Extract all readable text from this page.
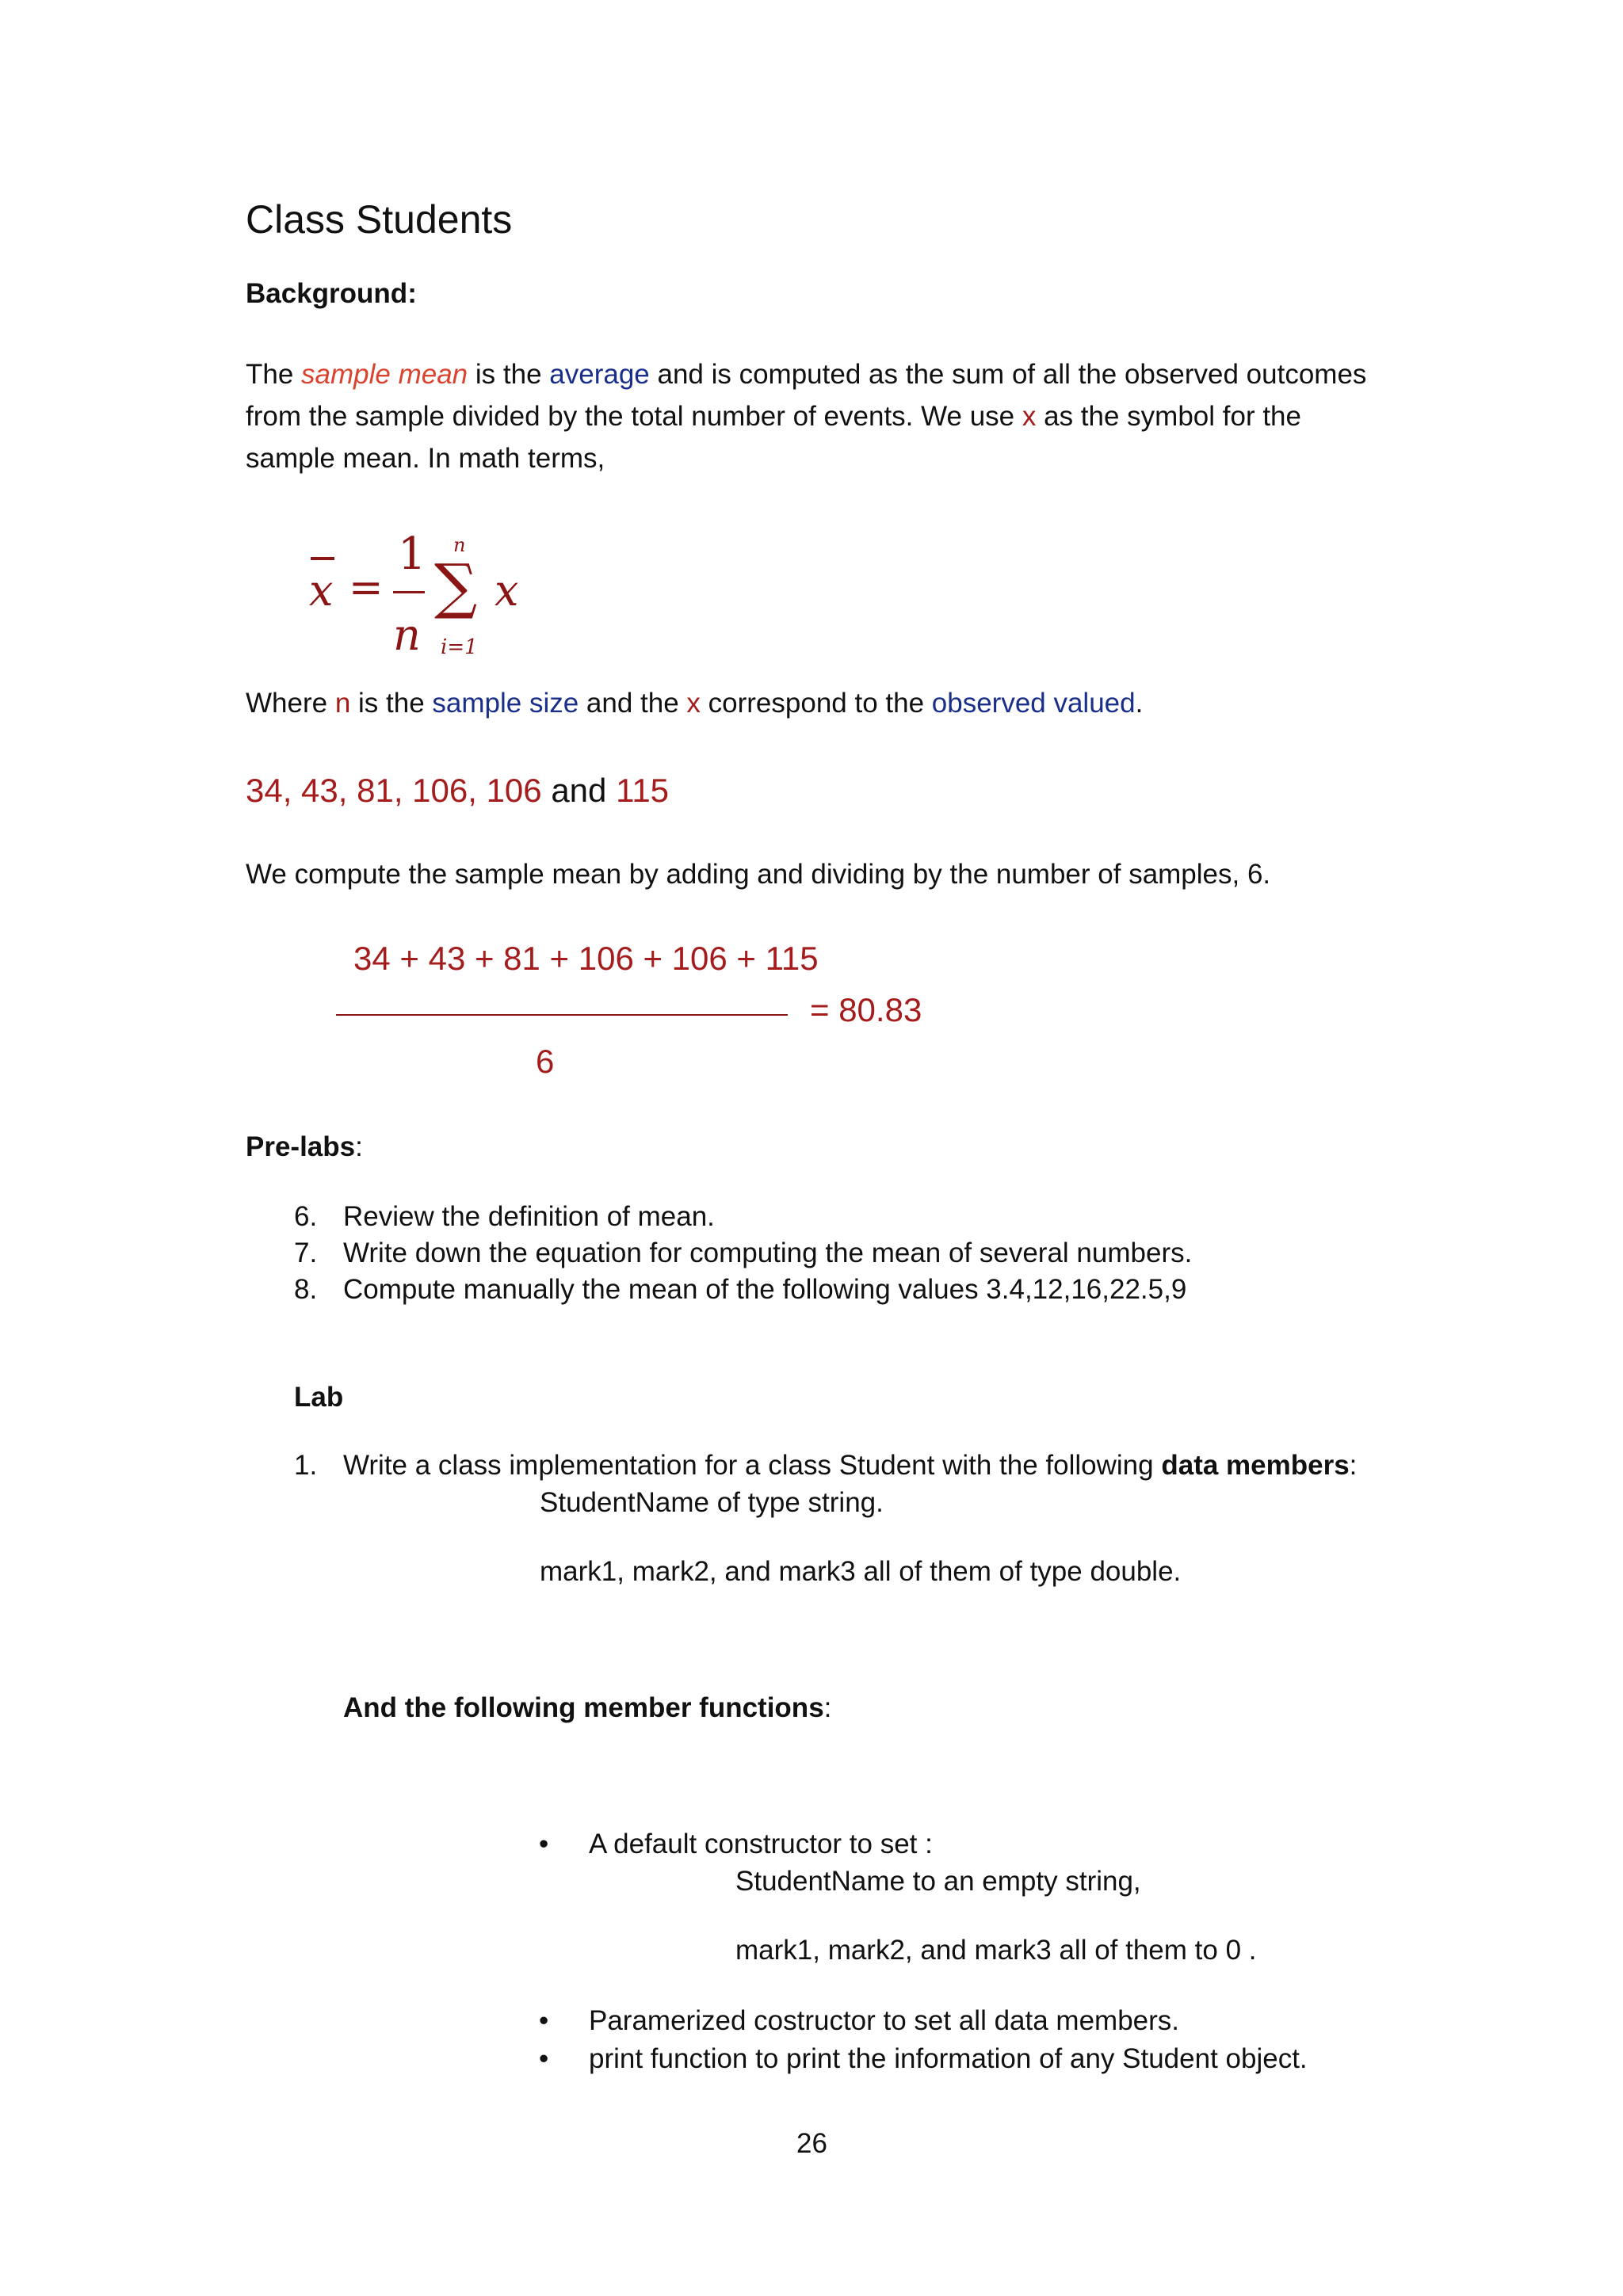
Class Students
Background:
The sample mean is the average and is computed as the sum of all the observed outcomes
from the sample divided by the total number of events. We use x as the symbol for the
sample mean. In math terms,
x =
1
n
n
∑
i=1
x
Where n is the sample size and the x correspond to the observed valued.
34, 43, 81, 106, 106 and 115
We compute the sample mean by adding and dividing by the number of samples, 6.
34 + 43 + 81 + 106 + 106 + 115
= 80.83
6
Pre-labs:
6. Review the definition of mean.
7. Write down the equation for computing the mean of several numbers.
8. Compute manually the mean of the following values 3.4,12,16,22.5,9
Lab
1. Write a class implementation for a class Student with the following data members:
StudentName of type string.
mark1, mark2, and mark3 all of them of type double.
And the following member functions:
• A default constructor to set :
StudentName to an empty string,
mark1, mark2, and mark3 all of them to 0 .
• Paramerized costructor to set all data members.
• print function to print the information of any Student object.
26
